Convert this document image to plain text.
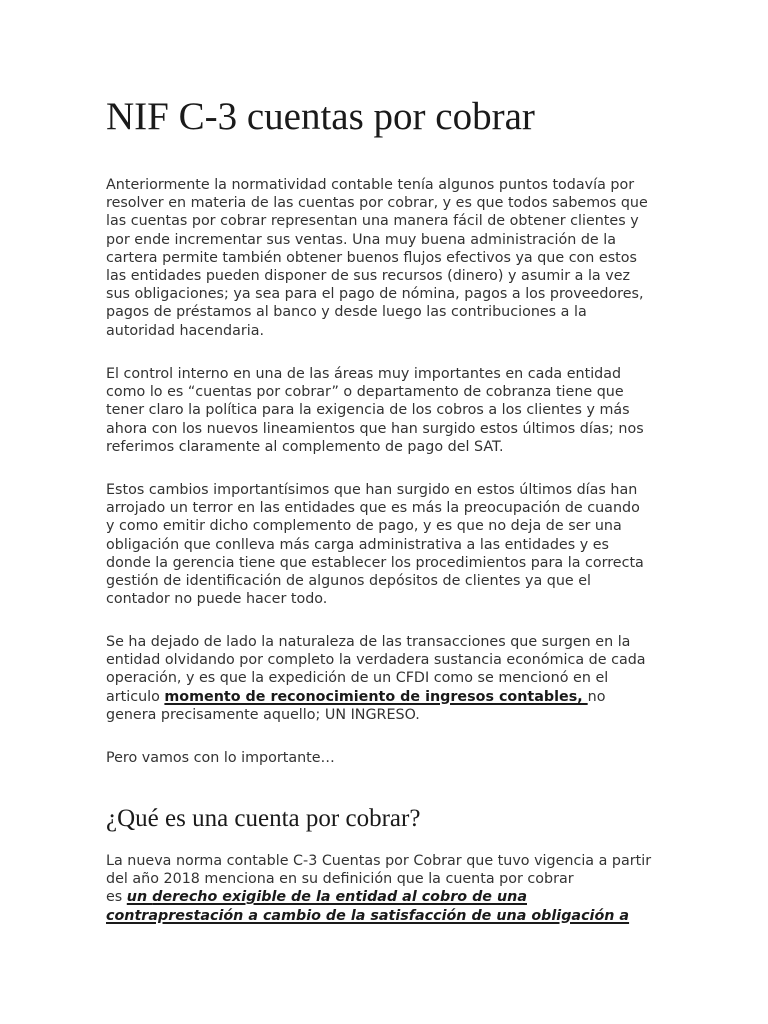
NIF C-3 cuentas por cobrar
Anteriormente la normatividad contable tenía algunos puntos todavía por
resolver en materia de las cuentas por cobrar, y es que todos sabemos que
las cuentas por cobrar representan una manera fácil de obtener clientes y
por ende incrementar sus ventas. Una muy buena administración de la
cartera permite también obtener buenos flujos efectivos ya que con estos
las entidades pueden disponer de sus recursos (dinero) y asumir a la vez
sus obligaciones; ya sea para el pago de nómina, pagos a los proveedores,
pagos de préstamos al banco y desde luego las contribuciones a la
autoridad hacendaria.
El control interno en una de las áreas muy importantes en cada entidad
como lo es “cuentas por cobrar” o departamento de cobranza tiene que
tener claro la política para la exigencia de los cobros a los clientes y más
ahora con los nuevos lineamientos que han surgido estos últimos días; nos
referimos claramente al complemento de pago del SAT.
Estos cambios importantísimos que han surgido en estos últimos días han
arrojado un terror en las entidades que es más la preocupación de cuando
y como emitir dicho complemento de pago, y es que no deja de ser una
obligación que conlleva más carga administrativa a las entidades y es
donde la gerencia tiene que establecer los procedimientos para la correcta
gestión de identificación de algunos depósitos de clientes ya que el
contador no puede hacer todo.
Se ha dejado de lado la naturaleza de las transacciones que surgen en la
entidad olvidando por completo la verdadera sustancia económica de cada
operación, y es que la expedición de un CFDI como se mencionó en el
articulo momento de reconocimiento de ingresos contables, no
genera precisamente aquello; UN INGRESO.
Pero vamos con lo importante…
¿Qué es una cuenta por cobrar?
La nueva norma contable C-3 Cuentas por Cobrar que tuvo vigencia a partir
del año 2018 menciona en su definición que la cuenta por cobrar
es un derecho exigible de la entidad al cobro de una
contraprestación a cambio de la satisfacción de una obligación a
